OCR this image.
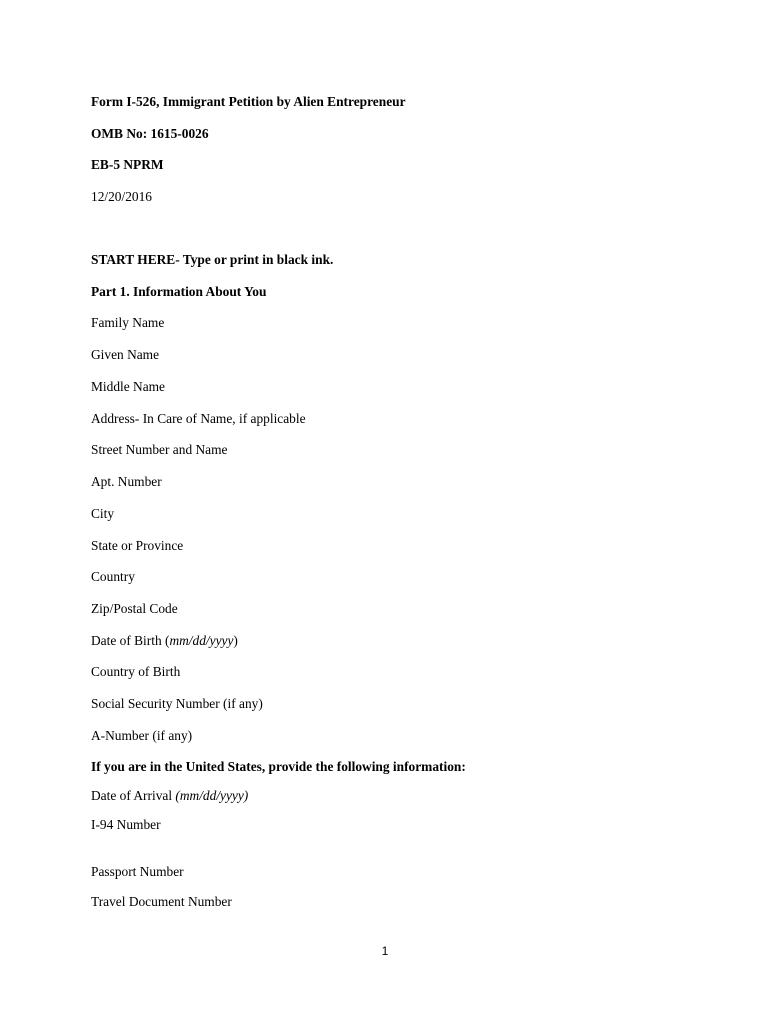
Form I-526, Immigrant Petition by Alien Entrepreneur
OMB No: 1615-0026
EB-5 NPRM
12/20/2016
START HERE- Type or print in black ink.
Part 1. Information About You
Family Name
Given Name
Middle Name
Address- In Care of Name, if applicable
Street Number and Name
Apt. Number
City
State or Province
Country
Zip/Postal Code
Date of Birth (mm/dd/yyyy)
Country of Birth
Social Security Number (if any)
A-Number (if any)
If you are in the United States, provide the following information:
Date of Arrival (mm/dd/yyyy)
I-94 Number
Passport Number
Travel Document Number
1
